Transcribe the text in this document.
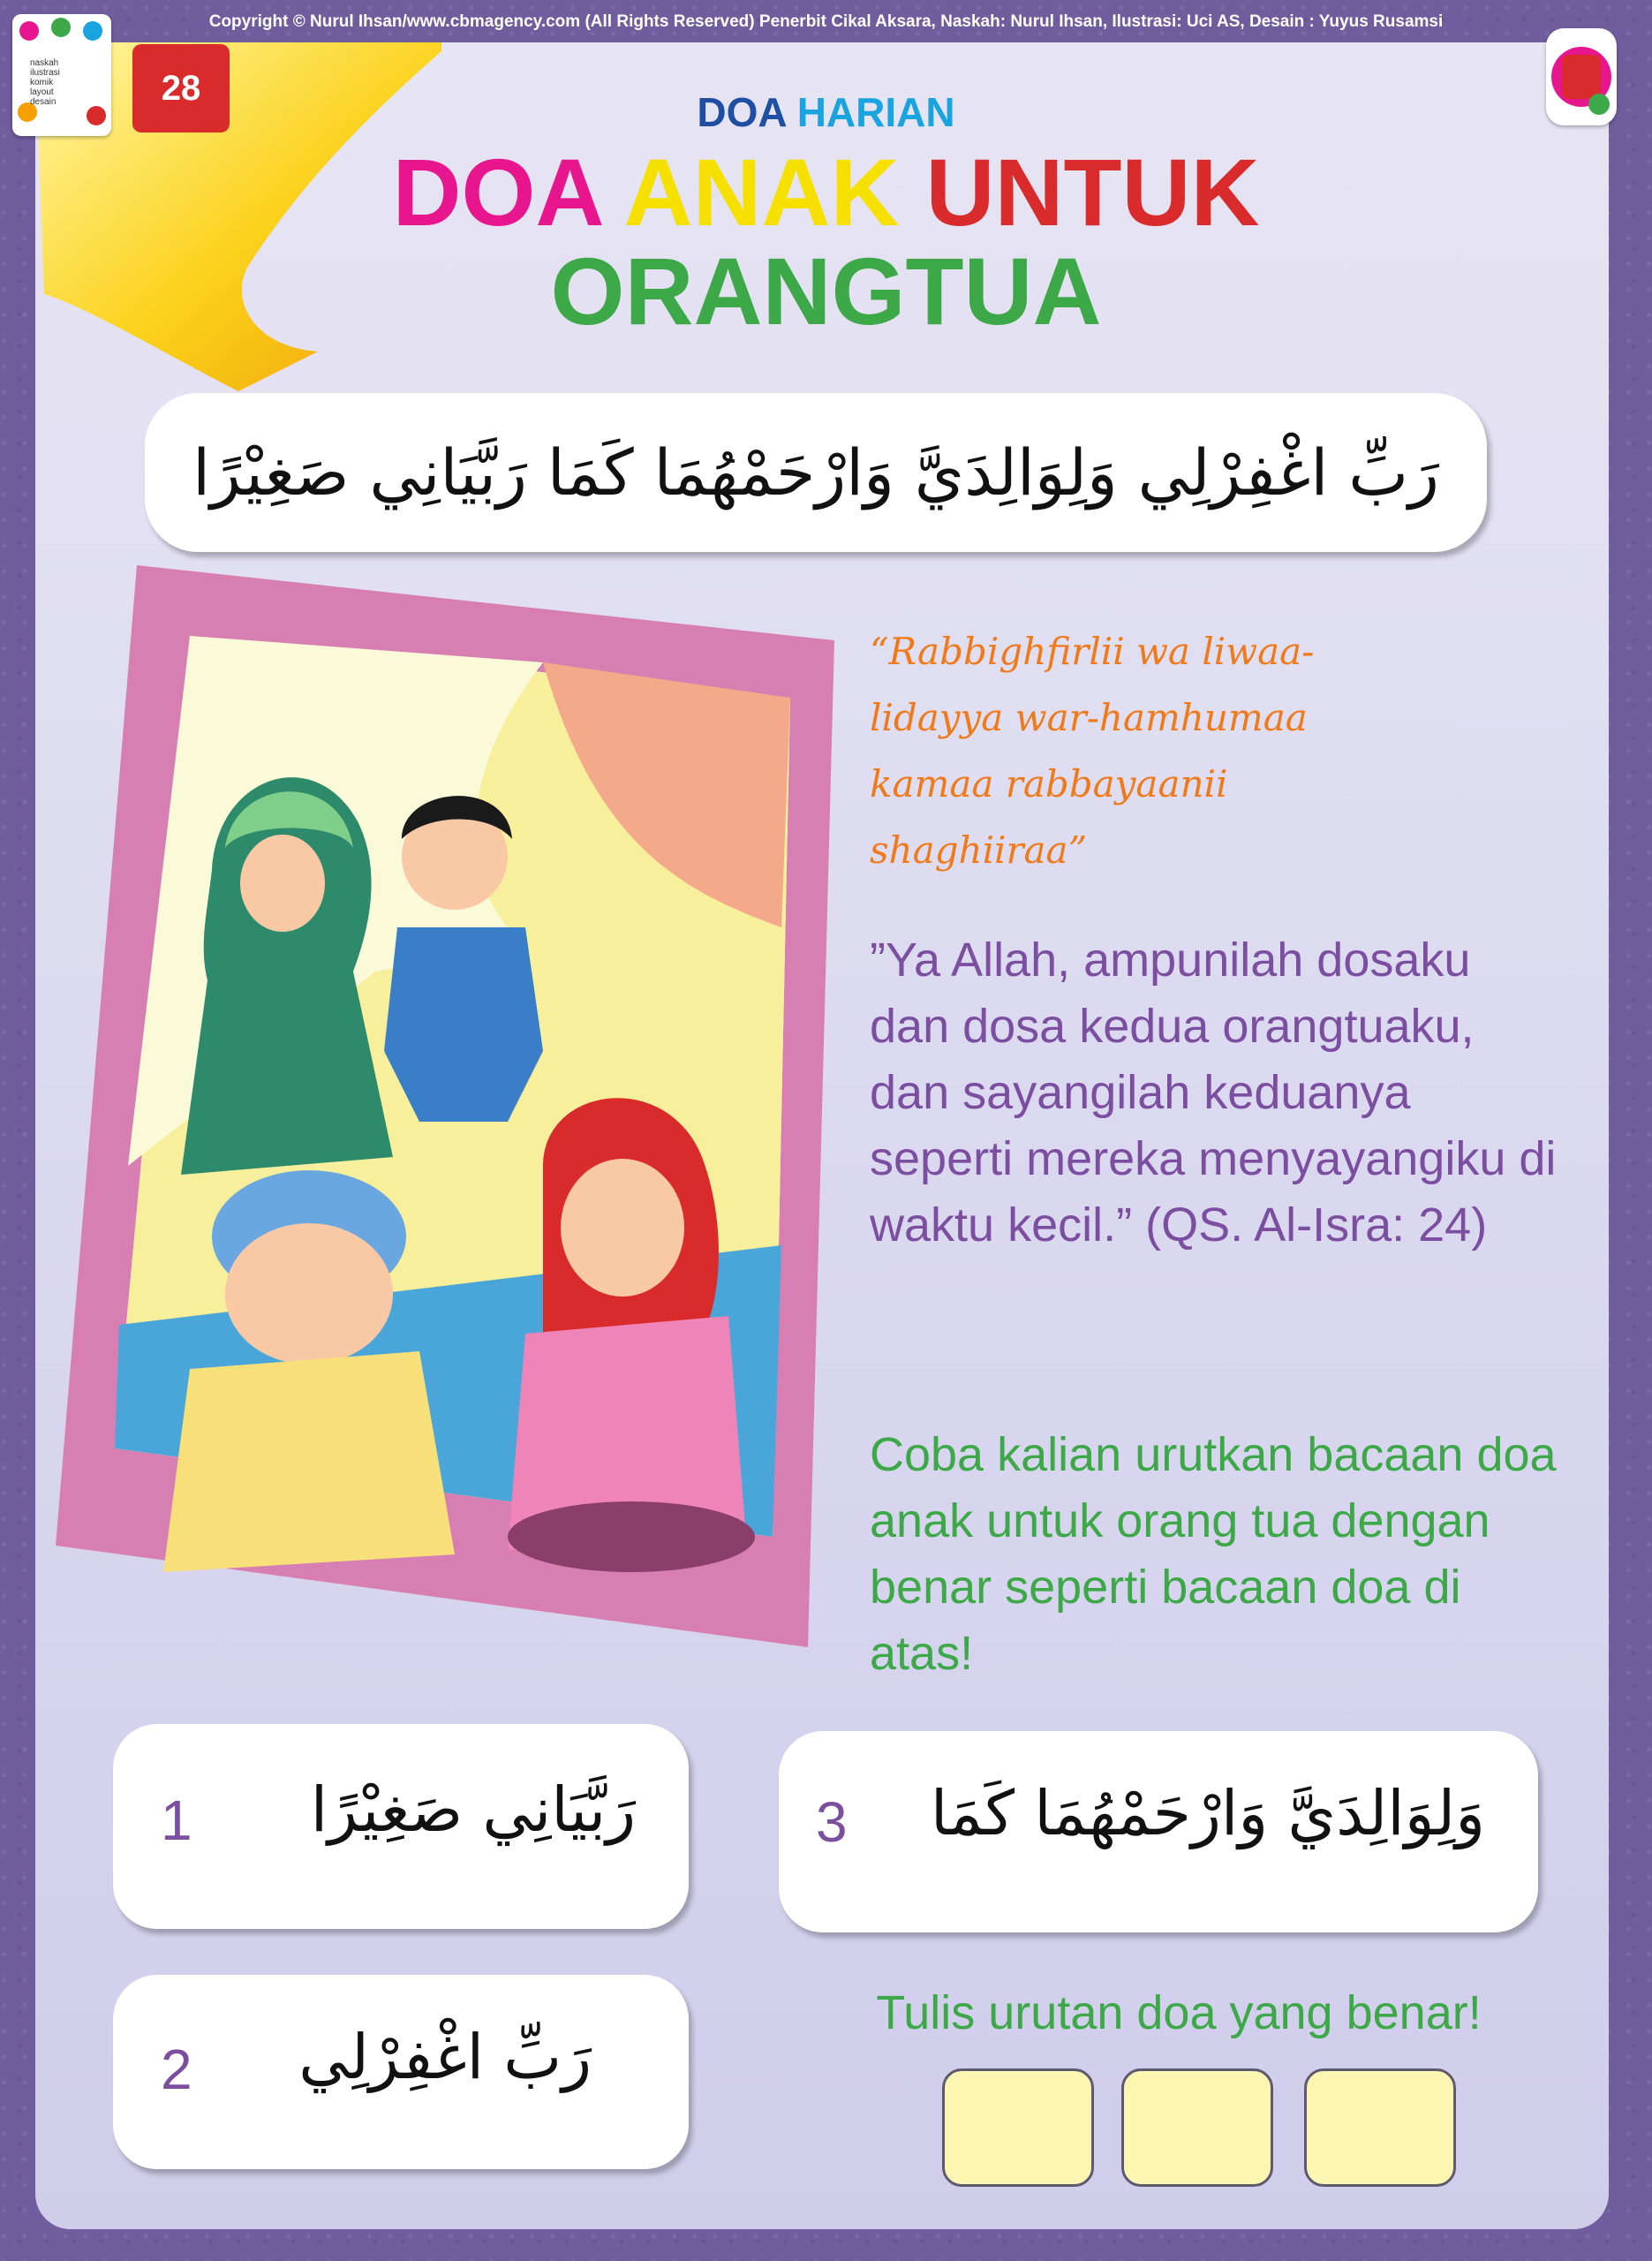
Copyright © Nurul Ihsan/www.cbmagency.com (All Rights Reserved) Penerbit Cikal Aksara, Naskah: Nurul Ihsan, Ilustrasi: Uci AS, Desain : Yuyus Rusamsi
naskah
ilustrasi
komik
layout
desain	28
DOA HARIAN
DOA ANAK UNTUK
ORANGTUA
رَبِّ اغْفِرْلِي وَلِوَالِدَيَّ وَارْحَمْهُمَا كَمَا رَبَّيَانِي صَغِيْرًا
“Rabbighfirlii wa liwaa-lidayya war-hamhumaa kamaa rabbayaanii shaghiiraa”
”Ya Allah, ampunilah dosaku dan dosa kedua orangtuaku, dan sayangilah keduanya seperti mereka menyayangiku di waktu kecil.” (QS. Al-Isra: 24)
Coba kalian urutkan bacaan doa anak untuk orang tua dengan benar seperti bacaan doa di atas!
1 رَبَّيَانِي صَغِيْرًا
2 رَبِّ اغْفِرْلِي
3 وَلِوَالِدَيَّ وَارْحَمْهُمَا كَمَا
Tulis urutan doa yang benar!
